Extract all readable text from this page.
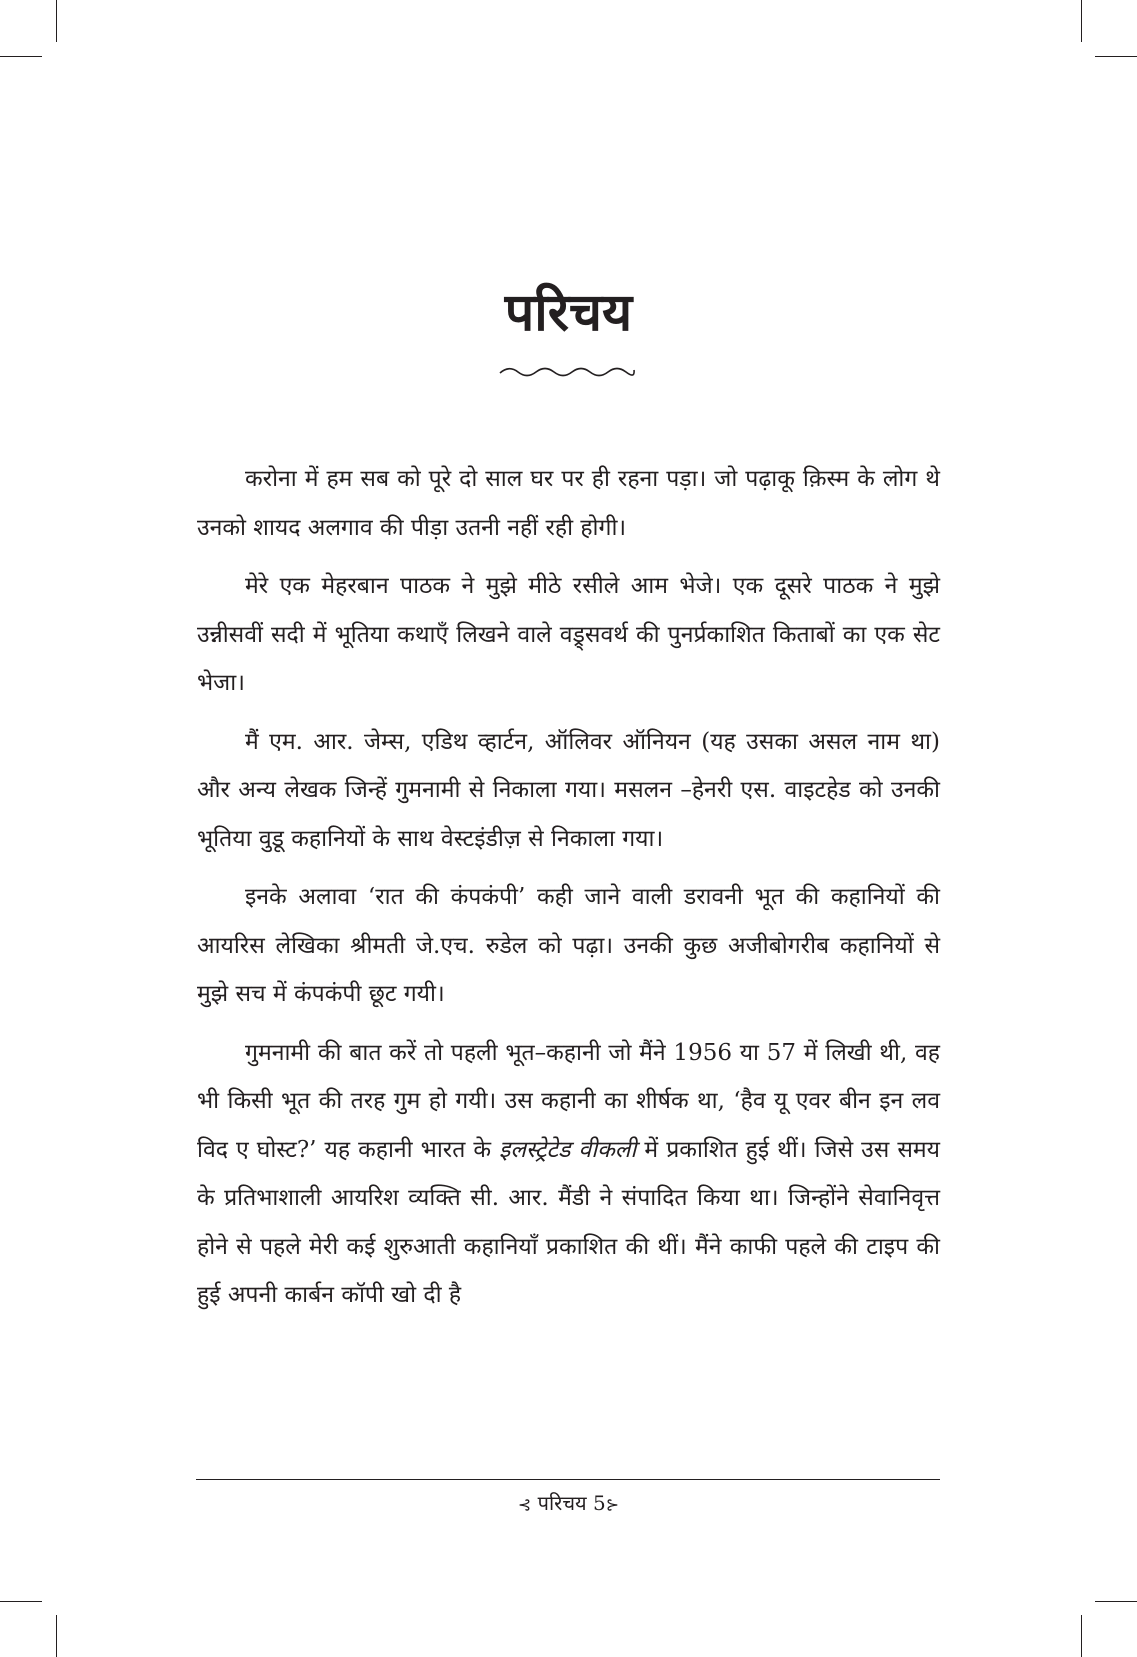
परिचय

करोना में हम सब को पूरे दो साल घर पर ही रहना पड़ा। जो पढ़ाकू क़िस्म के लोग थे उनको शायद अलगाव की पीड़ा उतनी नहीं रही होगी।

मेरे एक मेहरबान पाठक ने मुझे मीठे रसीले आम भेजे। एक दूसरे पाठक ने मुझे उन्नीसवीं सदी में भूतिया कथाएँ लिखने वाले वड्र्सवर्थ की पुनर्प्रकाशित किताबों का एक सेट भेजा।

मैं एम. आर. जेम्स, एडिथ व्हार्टन, ऑलिवर ऑनियन (यह उसका असल नाम था) और अन्य लेखक जिन्हें गुमनामी से निकाला गया। मसलन –हेनरी एस. वाइटहेड को उनकी भूतिया वुडू कहानियों के साथ वेस्टइंडीज़ से निकाला गया।

इनके अलावा ‘रात की कंपकंपी’ कही जाने वाली डरावनी भूत की कहानियों की आयरिस लेखिका श्रीमती जे.एच. रुडेल को पढ़ा। उनकी कुछ अजीबोगरीब कहानियों से मुझे सच में कंपकंपी छूट गयी।

गुमनामी की बात करें तो पहली भूत–कहानी जो मैंने 1956 या 57 में लिखी थी, वह भी किसी भूत की तरह गुम हो गयी। उस कहानी का शीर्षक था, ‘हैव यू एवर बीन इन लव विद ए घोस्ट?’ यह कहानी भारत के इलस्ट्रेटेड वीकली में प्रकाशित हुई थीं। जिसे उस समय के प्रतिभ‍ाशाली आयरिश व्यक्ति सी. आर. मैंडी ने संपादित किया था। जिन्होंने सेवानिवृत्त होने से पहले मेरी कई शुरुआती कहानियाँ प्रकाशित की थीं। मैंने काफी पहले की टाइप की हुई अपनी कार्बन कॉपी खो दी है

⊰ परिचय 5⊱
